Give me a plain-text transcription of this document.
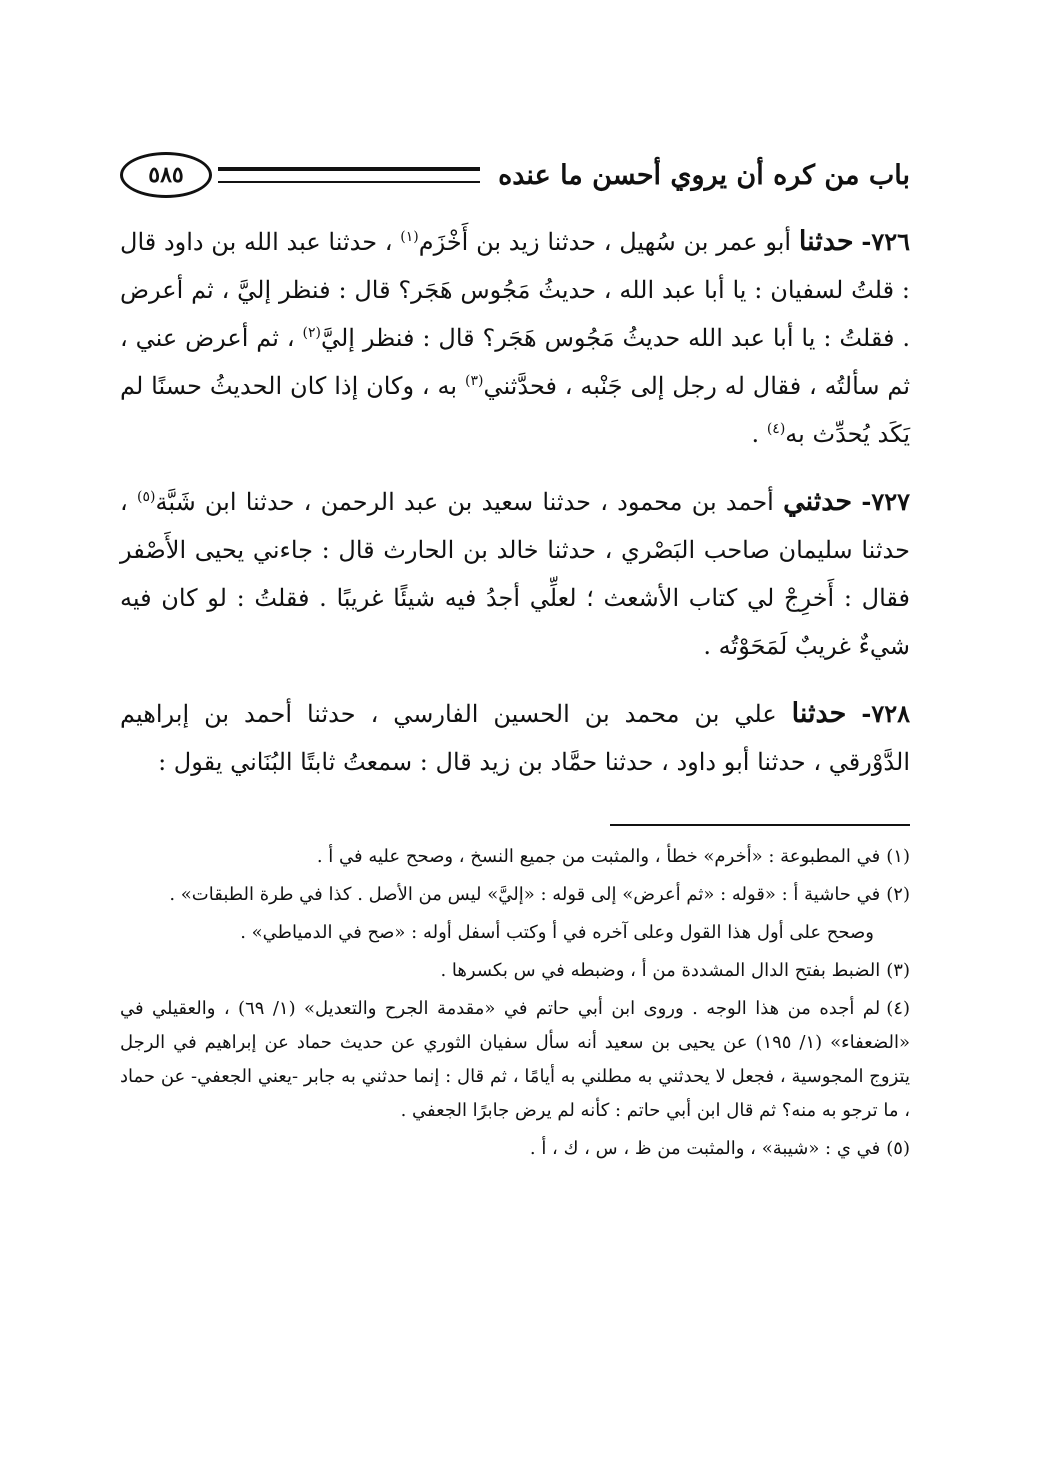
باب من كره أن يروي أحسن ما عنده
٥٨٥

٧٢٦- حدثنا أبو عمر بن سُهيل ، حدثنا زيد بن أَخْزَم$^{(١)}$ ، حدثنا عبد الله بن داود قال : قلتُ لسفيان : يا أبا عبد الله ، حديثُ مَجُوس هَجَر؟ قال : فنظر إليَّ ، ثم أعرض . فقلتُ : يا أبا عبد الله حديثُ مَجُوس هَجَر؟ قال : فنظر إليَّ$^{(٢)}$ ، ثم أعرض عني ، ثم سألتُه ، فقال له رجل إلى جَنْبه ، فحدَّثني$^{(٣)}$ به ، وكان إذا كان الحديثُ حسنًا لم يَكَد يُحدِّث به$^{(٤)}$ .

٧٢٧- حدثني أحمد بن محمود ، حدثنا سعيد بن عبد الرحمن ، حدثنا ابن شَبَّة$^{(٥)}$ ، حدثنا سليمان صاحب البَصْري ، حدثنا خالد بن الحارث قال : جاءني يحيى الأَصْفر فقال : أَخرِجْ لي كتاب الأشعث ؛ لعلِّي أجدُ فيه شيئًا غريبًا . فقلتُ : لو كان فيه شيءٌ غريبٌ لَمَحَوْتُه .

٧٢٨- حدثنا علي بن محمد بن الحسين الفارسي ، حدثنا أحمد بن إبراهيم الدَّوْرقي ، حدثنا أبو داود ، حدثنا حمَّاد بن زيد قال : سمعتُ ثابتًا البُنَاني يقول :

(١)في المطبوعة : «أخرم» خطأ ، والمثبت من جميع النسخ ، وصحح عليه في أ .
(٢)في حاشية أ : «قوله : «ثم أعرض» إلى قوله : «إليَّ» ليس من الأصل . كذا في طرة الطبقات» .
وصحح على أول هذا القول وعلى آخره في أ وكتب أسفل أوله : «صح في الدمياطي» .
(٣)الضبط بفتح الدال المشددة من أ ، وضبطه في س بكسرها .
(٤)لم أجده من هذا الوجه . وروى ابن أبي حاتم في «مقدمة الجرح والتعديل» (١/ ٦٩) ، والعقيلي في «الضعفاء» (١/ ١٩٥) عن يحيى بن سعيد أنه سأل سفيان الثوري عن حديث حماد عن إبراهيم في الرجل يتزوج المجوسية ، فجعل لا يحدثني به مطلني به أيامًا ، ثم قال : إنما حدثني به جابر -يعني الجعفي- عن حماد ، ما ترجو به منه؟ ثم قال ابن أبي حاتم : كأنه لم يرض جابرًا الجعفي .
(٥)في ي : «شيبة» ، والمثبت من ظ ، س ، ك ، أ .
